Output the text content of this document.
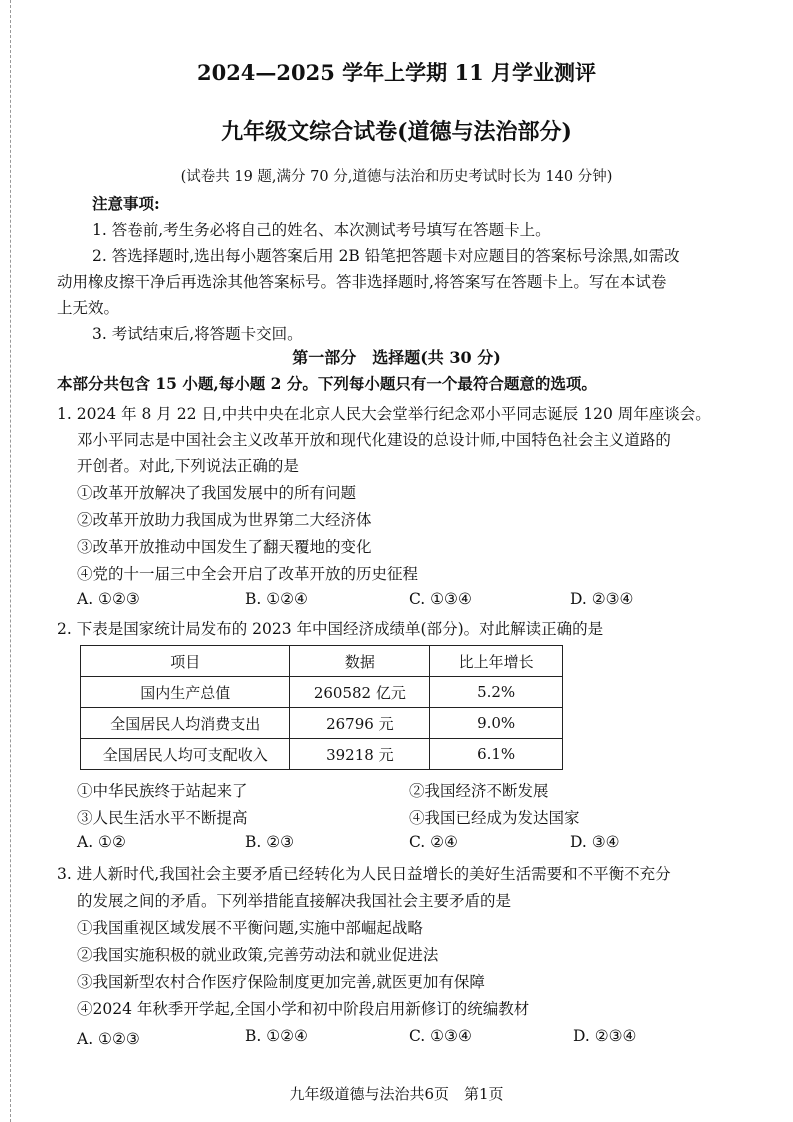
2024—2025 学年上学期 11 月学业测评
九年级文综合试卷(道德与法治部分)
(试卷共 19 题,满分 70 分,道德与法治和历史考试时长为 140 分钟)
注意事项:
1. 答卷前,考生务必将自己的姓名、本次测试考号填写在答题卡上。
2. 答选择题时,选出每小题答案后用 2B 铅笔把答题卡对应题目的答案标号涂黑,如需改
动用橡皮擦干净后再选涂其他答案标号。答非选择题时,将答案写在答题卡上。写在本试卷
上无效。
3. 考试结束后,将答题卡交回。
第一部分　选择题(共 30 分)
本部分共包含 15 小题,每小题 2 分。下列每小题只有一个最符合题意的选项。
1. 2024 年 8 月 22 日,中共中央在北京人民大会堂举行纪念邓小平同志诞辰 120 周年座谈会。
邓小平同志是中国社会主义改革开放和现代化建设的总设计师,中国特色社会主义道路的
开创者。对此,下列说法正确的是
①改革开放解决了我国发展中的所有问题
②改革开放助力我国成为世界第二大经济体
③改革开放推动中国发生了翻天覆地的变化
④党的十一届三中全会开启了改革开放的历史征程
A. ①②③	B. ①②④	C. ①③④	D. ②③④
2. 下表是国家统计局发布的 2023 年中国经济成绩单(部分)。对此解读正确的是
项目	数据	比上年增长
国内生产总值	260582 亿元	5.2%
全国居民人均消费支出	26796 元	9.0%
全国居民人均可支配收入	39218 元	6.1%
①中华民族终于站起来了	②我国经济不断发展
③人民生活水平不断提高	④我国已经成为发达国家
A. ①②	B. ②③	C. ②④	D. ③④
3. 进人新时代,我国社会主要矛盾已经转化为人民日益增长的美好生活需要和不平衡不充分
的发展之间的矛盾。下列举措能直接解决我国社会主要矛盾的是
①我国重视区域发展不平衡问题,实施中部崛起战略
②我国实施积极的就业政策,完善劳动法和就业促进法
③我国新型农村合作医疗保险制度更加完善,就医更加有保障
④2024 年秋季开学起,全国小学和初中阶段启用新修订的统编教材
A. ①②③	B. ①②④	C. ①③④	D. ②③④
九年级道德与法治共6页　第1页
